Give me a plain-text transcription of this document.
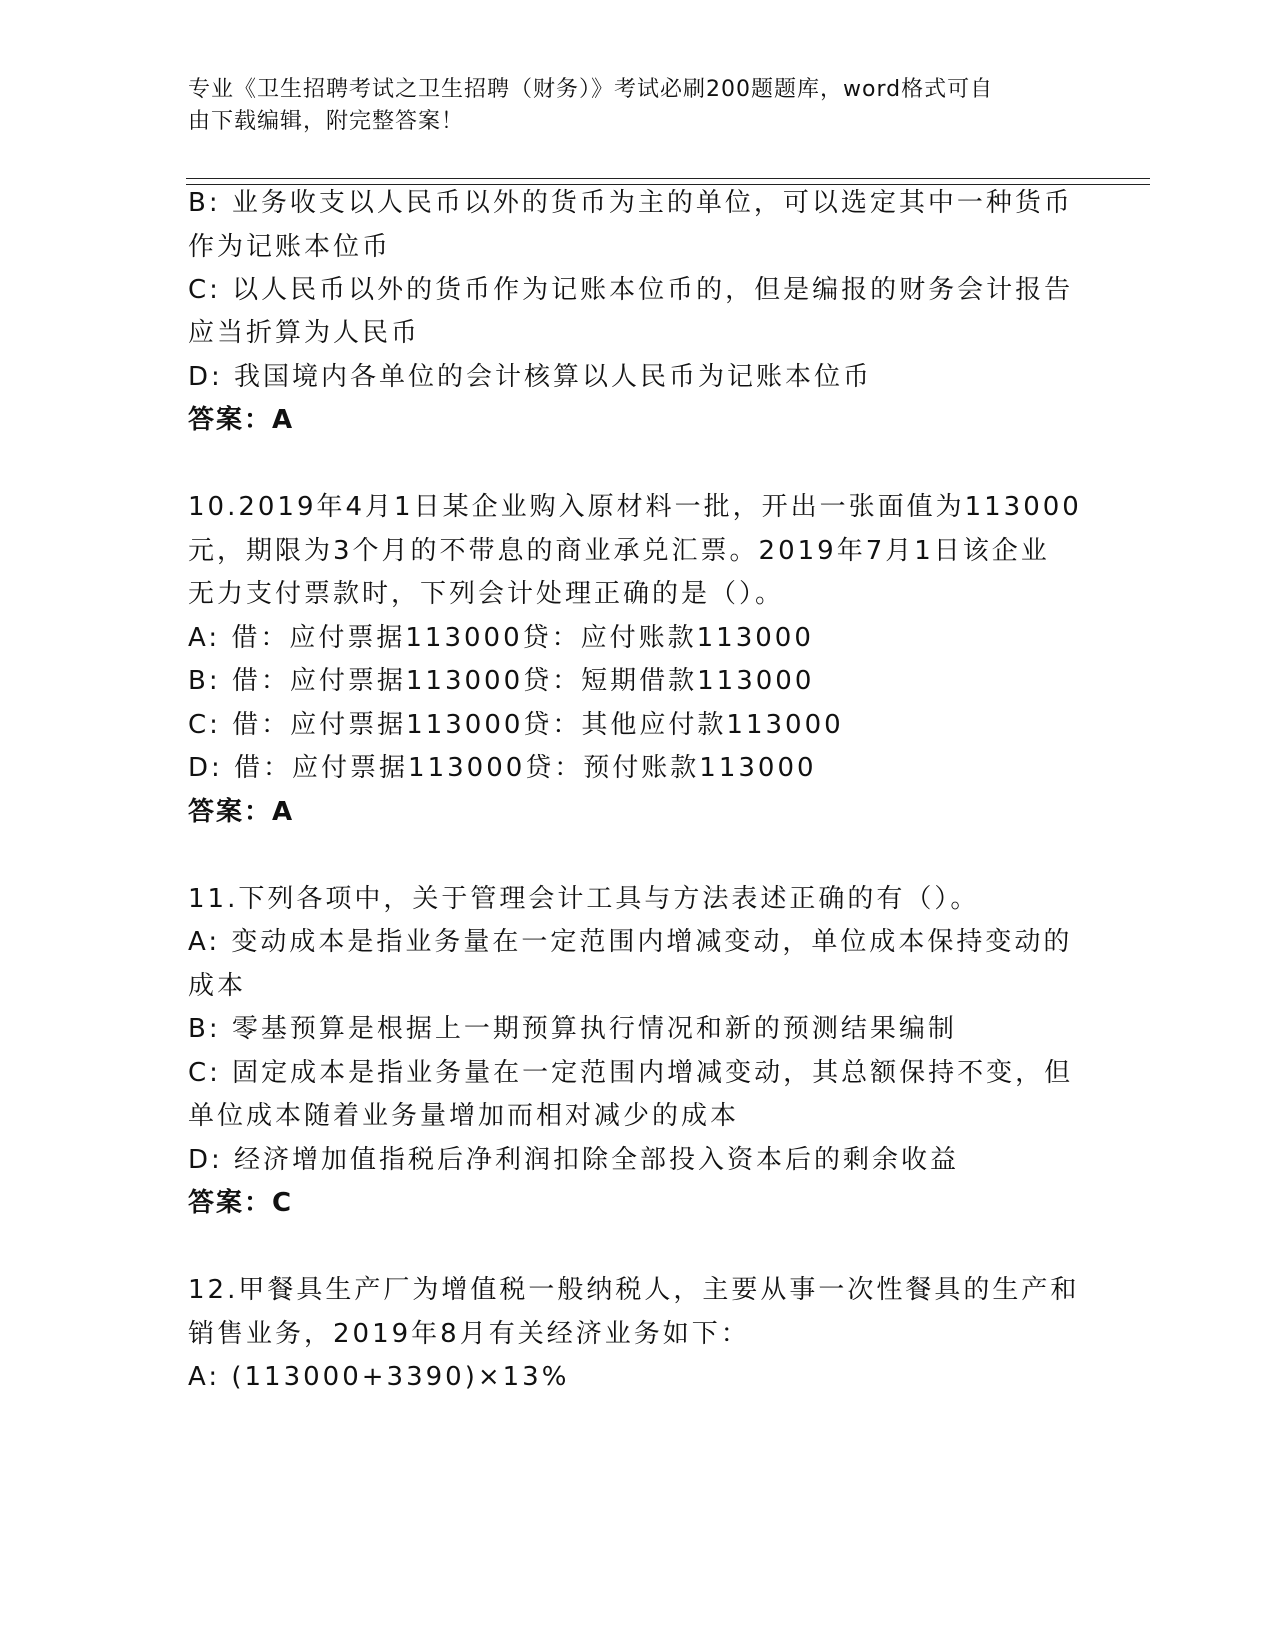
专业《卫生招聘考试之卫生招聘（财务）》考试必刷200题题库，word格式可自
由下载编辑，附完整答案！
B: 业务收支以人民币以外的货币为主的单位，可以选定其中一种货币
作为记账本位币
C: 以人民币以外的货币作为记账本位币的，但是编报的财务会计报告
应当折算为人民币
D: 我国境内各单位的会计核算以人民币为记账本位币
答案：A
10.2019年4月1日某企业购入原材料一批，开出一张面值为113000
元，期限为3个月的不带息的商业承兑汇票。2019年7月1日该企业
无力支付票款时，下列会计处理正确的是（）。
A: 借：应付票据113000贷：应付账款113000
B: 借：应付票据113000贷：短期借款113000
C: 借：应付票据113000贷：其他应付款113000
D: 借：应付票据113000贷：预付账款113000
答案：A
11.下列各项中，关于管理会计工具与方法表述正确的有（）。
A: 变动成本是指业务量在一定范围内增减变动，单位成本保持变动的
成本
B: 零基预算是根据上一期预算执行情况和新的预测结果编制
C: 固定成本是指业务量在一定范围内增减变动，其总额保持不变，但
单位成本随着业务量增加而相对减少的成本
D: 经济增加值指税后净利润扣除全部投入资本后的剩余收益
答案：C
12.甲餐具生产厂为增值税一般纳税人，主要从事一次性餐具的生产和
销售业务，2019年8月有关经济业务如下：
A: (113000+3390)×13%
